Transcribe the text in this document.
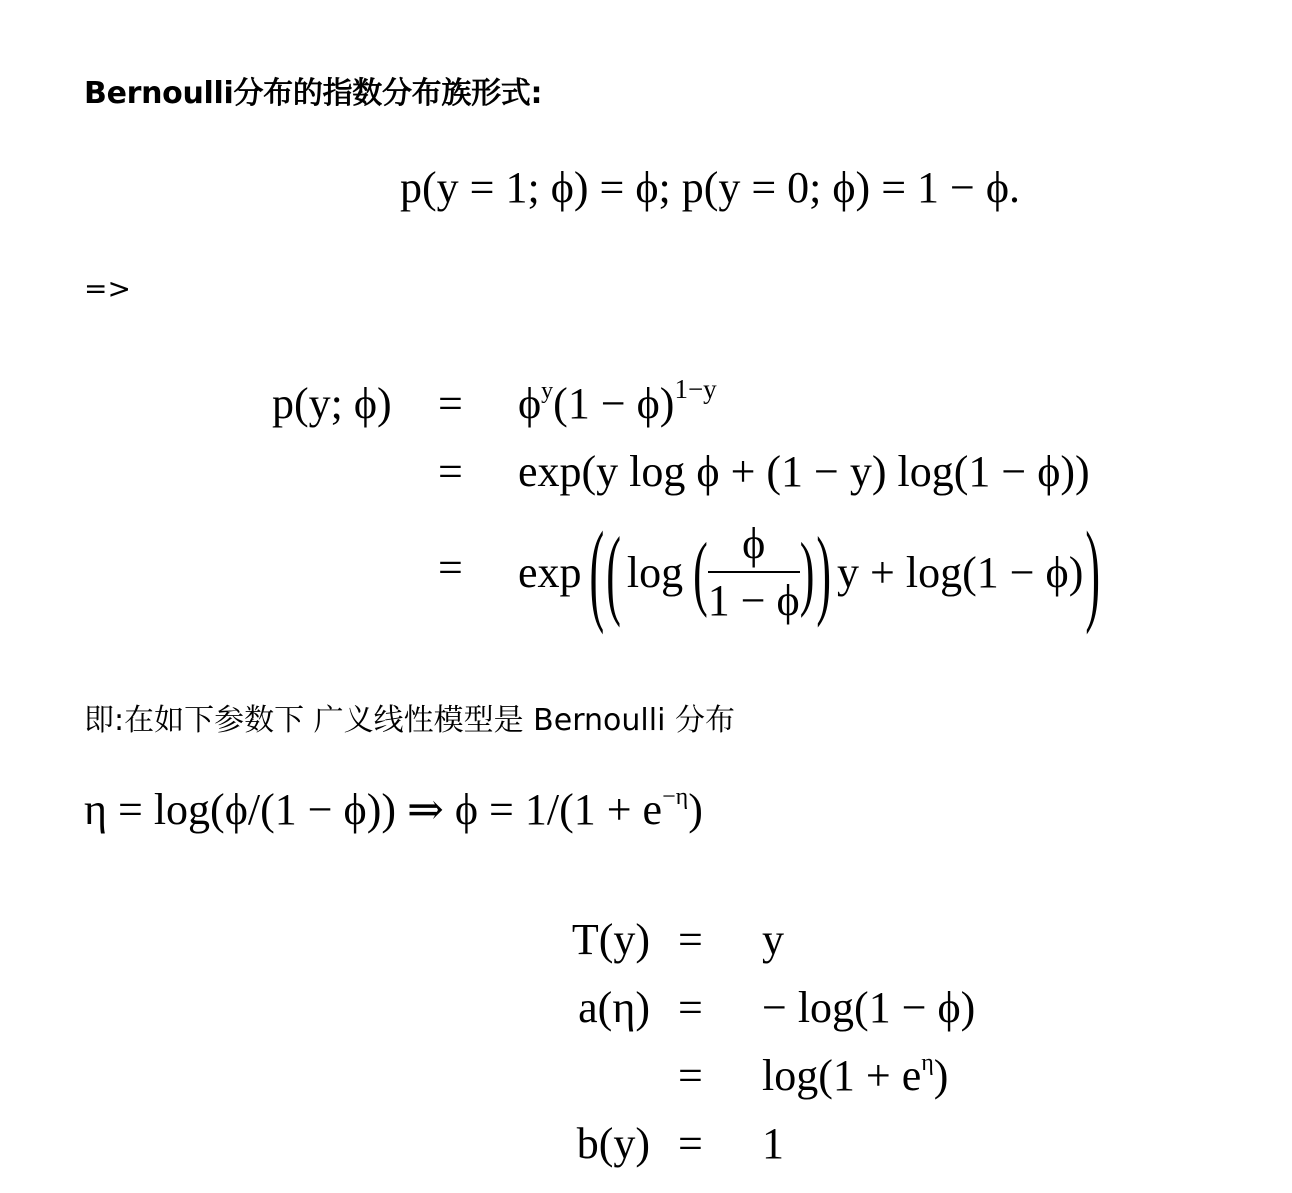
Bernoulli分布的指数分布族形式:
p(y = 1; ϕ) = ϕ; p(y = 0; ϕ) = 1 − ϕ.
=>
p(y; $\phi) = \phi^y(1 - \phi)^{1-y}$
= exp(y log ϕ + (1 − y) log(1 − ϕ))
= exp ( ( log ( $\frac{\phi}{1 - \phi}$ ) ) y + log(1 − ϕ) )
即:在如下参数下 广义线性模型是 Bernoulli 分布
η = log(ϕ/(1 − ϕ)) ⇒ $\phi = 1/(1 + e^{-\eta})$
T(y) = y
a(η) = − log(1 − ϕ)
= $\log(1 + e^\eta)$
b(y) = 1
